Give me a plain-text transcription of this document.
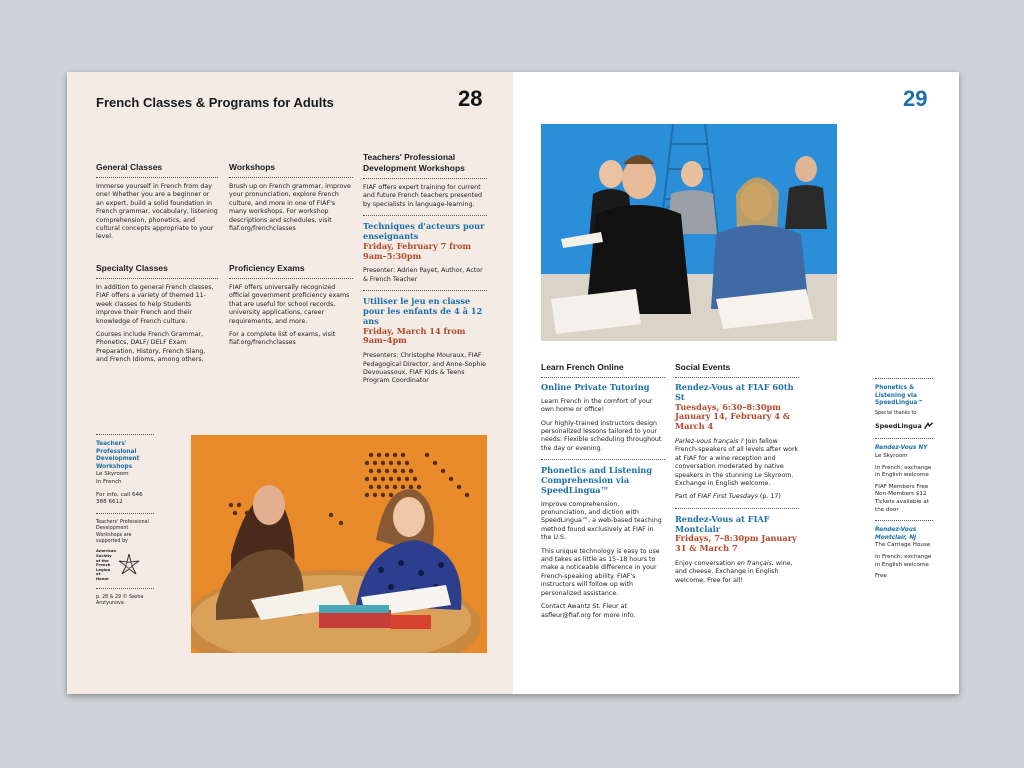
French Classes & Programs for Adults	28
General Classes

Immerse yourself in French from day one! Whether you are a beginner or an expert, build a solid foundation in French grammar, vocabulary, listening comprehension, phonetics, and cultural concepts appropriate to your level.

Specialty Classes

In addition to general French classes, FIAF offers a variety of themed 11-week classes to help Students improve their French and their knowledge of French culture.

Courses include French Grammar, Phonetics, DALF/ DELF Exam Preparation, History, French Slang, and French Idioms, among others.

Workshops

Brush up on French grammar, improve your pronunciation, explore French culture, and more in one of FIAF's many workshops. For workshop descriptions and schedules, visit fiaf.org/frenchclasses

Proficiency Exams

FIAF offers universally recognized official government proficiency exams that are useful for school records, university applications, career requirements, and more.

For a complete list of exams, visit fiaf.org/frenchclasses

Teachers' Professional Development Workshops

FIAF offers expert training for current and future French teachers presented by specialists in language-learning.

Techniques d'acteurs pour enseignants

Friday, February 7 from 9am–5:30pm

Presenter: Adrien Payet, Author, Actor & French Teacher

Utiliser le jeu en classe pour les enfants de 4 à 12 ans

Friday, March 14 from 9am–4pm

Presenters: Christophe Mouraux, FIAF Pedagogical Director, and Anne-Sophie Devouassoux, FIAF Kids & Teens Program Coordinator

Teachers' Professional Development Workshops
Le Skyroom
In French
For info, call 646 388 6612
Teachers' Professional Development Workshops are supported by
American Society of the French Legion of Honor
p. 28 & 29 © Sasha Arutyunova
29
Learn French Online

Online Private Tutoring

Learn French in the comfort of your own home or office!

Our highly-trained instructors design personalized lessons tailored to your needs. Flexible scheduling throughout the day or evening.

Phonetics and Listening Comprehension via SpeedLingua™

Improve comprehension, pronunciation, and diction with SpeedLingua™, a web-based teaching method found exclusively at FIAF in the U.S.

This unique technology is easy to use and takes as little as 15–18 hours to make a noticeable difference in your French-speaking ability. FIAF's instructors will follow up with personalized assistance.

Contact Awantz St. Fleur at asfleur@fiaf.org for more info.

Social Events

Rendez-Vous at FIAF 60th St

Tuesdays, 6:30–8:30pm January 14, February 4 & March 4

Parlez-vous français ? Join fellow French-speakers of all levels after work at FIAF for a wine reception and conversation moderated by native speakers in the stunning Le Skyroom. Exchange in English welcome.

Part of FIAF First Tuesdays (p. 17)

Rendez-Vous at FIAF Montclair

Fridays, 7–8:30pm January 31 & March 7

Enjoy conversation en français, wine, and cheese. Exchange in English welcome. Free for all!

Phonetics & Listening via SpeedLingua™
Special thanks to
SpeedLingua
Rendez-Vous NY
Le Skyroom
In French; exchange in English welcome
FIAF Members Free Non-Members $12 Tickets available at the door
Rendez-Vous Montclair, NJ
The Carriage House
In French; exchange in English welcome
Free
